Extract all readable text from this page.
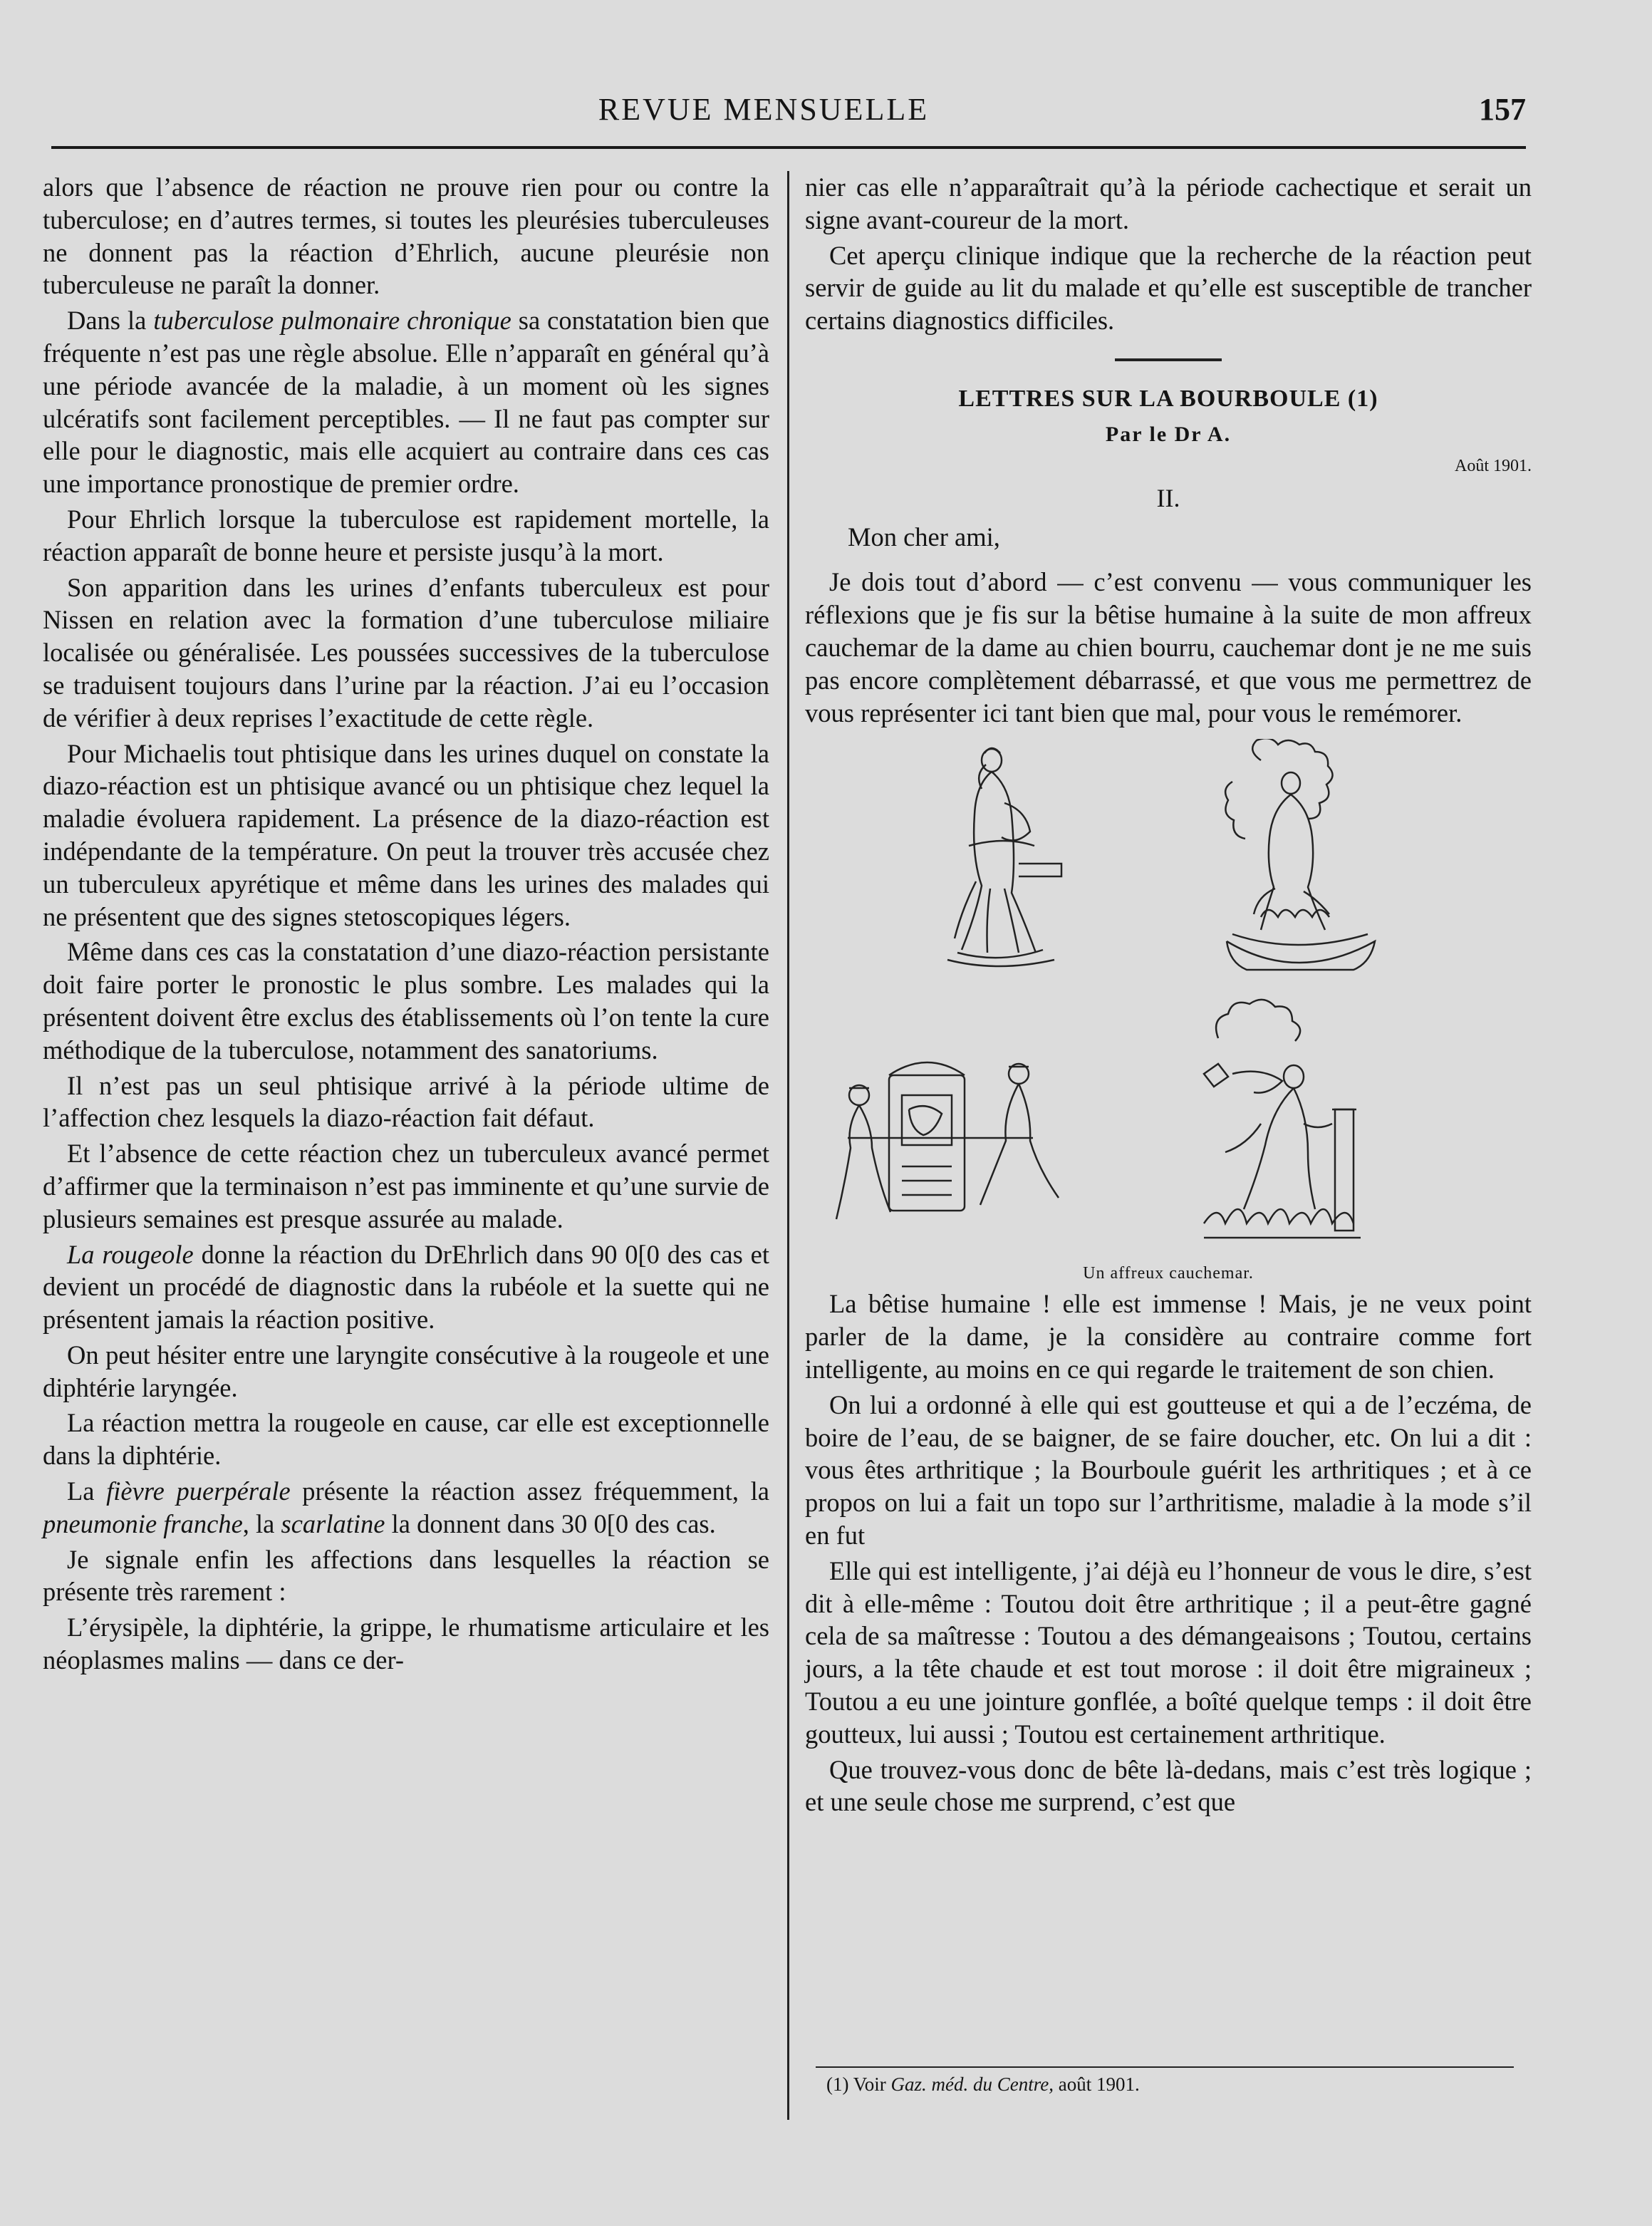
REVUE MENSUELLE	157

alors que l’absence de réaction ne prouve rien pour ou contre la tuberculose; en d’autres termes, si toutes les pleurésies tuberculeuses ne donnent pas la réaction d’Ehrlich, aucune pleurésie non tuberculeuse ne paraît la donner.

Dans la tuberculose pulmonaire chronique sa constatation bien que fréquente n’est pas une règle absolue. Elle n’apparaît en général qu’à une période avancée de la maladie, à un moment où les signes ulcératifs sont facilement perceptibles. — Il ne faut pas compter sur elle pour le diagnostic, mais elle acquiert au contraire dans ces cas une importance pronostique de premier ordre.

Pour Ehrlich lorsque la tuberculose est rapidement mortelle, la réaction apparaît de bonne heure et persiste jusqu’à la mort.

Son apparition dans les urines d’enfants tuberculeux est pour Nissen en relation avec la formation d’une tuberculose miliaire localisée ou généralisée. Les poussées successives de la tuberculose se traduisent toujours dans l’urine par la réaction. J’ai eu l’occasion de vérifier à deux reprises l’exactitude de cette règle.

Pour Michaelis tout phtisique dans les urines duquel on constate la diazo-réaction est un phtisique avancé ou un phtisique chez lequel la maladie évoluera rapidement. La présence de la diazo-réaction est indépendante de la température. On peut la trouver très accusée chez un tuberculeux apyrétique et même dans les urines des malades qui ne présentent que des signes stetoscopiques légers.

Même dans ces cas la constatation d’une diazo-réaction persistante doit faire porter le pronostic le plus sombre. Les malades qui la présentent doivent être exclus des établissements où l’on tente la cure méthodique de la tuberculose, notamment des sanatoriums.

Il n’est pas un seul phtisique arrivé à la période ultime de l’affection chez lesquels la diazo-réaction fait défaut.

Et l’absence de cette réaction chez un tuberculeux avancé permet d’affirmer que la terminaison n’est pas imminente et qu’une survie de plusieurs semaines est presque assurée au malade.

La rougeole donne la réaction du DrEhrlich dans 90 0[0 des cas et devient un procédé de diagnostic dans la rubéole et la suette qui ne présentent jamais la réaction positive.

On peut hésiter entre une laryngite consécutive à la rougeole et une diphtérie laryngée.

La réaction mettra la rougeole en cause, car elle est exceptionnelle dans la diphtérie.

La fièvre puerpérale présente la réaction assez fréquemment, la pneumonie franche, la scarlatine la donnent dans 30 0[0 des cas.

Je signale enfin les affections dans lesquelles la réaction se présente très rarement :

L’érysipèle, la diphtérie, la grippe, le rhumatisme articulaire et les néoplasmes malins — dans ce der-

nier cas elle n’apparaîtrait qu’à la période cachectique et serait un signe avant-coureur de la mort.

Cet aperçu clinique indique que la recherche de la réaction peut servir de guide au lit du malade et qu’elle est susceptible de trancher certains diagnostics difficiles.

LETTRES SUR LA BOURBOULE (1)

Par le Dr A.

Août 1901.

II.

Mon cher ami,

Je dois tout d’abord — c’est convenu — vous communiquer les réflexions que je fis sur la bêtise humaine à la suite de mon affreux cauchemar de la dame au chien bourru, cauchemar dont je ne me suis pas encore complètement débarrassé, et que vous me permettrez de vous représenter ici tant bien que mal, pour vous le remémorer.

Un affreux cauchemar.

La bêtise humaine ! elle est immense ! Mais, je ne veux point parler de la dame, je la considère au contraire comme fort intelligente, au moins en ce qui regarde le traitement de son chien.

On lui a ordonné à elle qui est goutteuse et qui a de l’eczéma, de boire de l’eau, de se baigner, de se faire doucher, etc. On lui a dit : vous êtes arthritique ; la Bourboule guérit les arthritiques ; et à ce propos on lui a fait un topo sur l’arthritisme, maladie à la mode s’il en fut

Elle qui est intelligente, j’ai déjà eu l’honneur de vous le dire, s’est dit à elle-même : Toutou doit être arthritique ; il a peut-être gagné cela de sa maîtresse : Toutou a des démangeaisons ; Toutou, certains jours, a la tête chaude et est tout morose : il doit être migraineux ; Toutou a eu une jointure gonflée, a boîté quelque temps : il doit être goutteux, lui aussi ; Toutou est certainement arthritique.

Que trouvez-vous donc de bête là-dedans, mais c’est très logique ; et une seule chose me surprend, c’est que

(1) Voir Gaz. méd. du Centre, août 1901.
